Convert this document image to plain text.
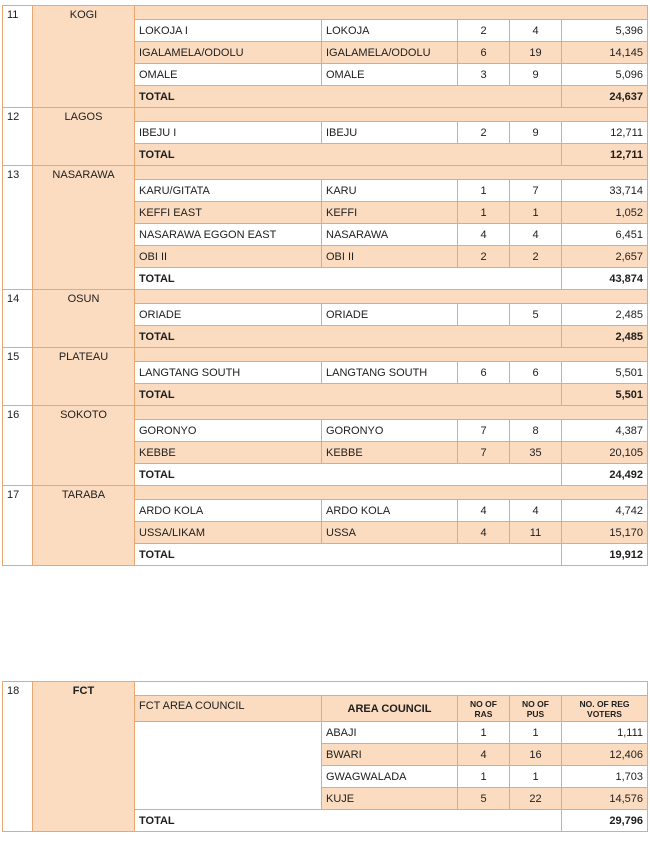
11	KOGI					
		LOKOJA I	LOKOJA	2	4	5,396
		IGALAMELA/ODOLU	IGALAMELA/ODOLU	6	19	14,145
		OMALE	OMALE	3	9	5,096
		TOTAL				24,637
12	LAGOS					
		IBEJU I	IBEJU	2	9	12,711
		TOTAL				12,711
13	NASARAWA					
		KARU/GITATA	KARU	1	7	33,714
		KEFFI EAST	KEFFI	1	1	1,052
		NASARAWA EGGON EAST	NASARAWA	4	4	6,451
		OBI II	OBI II	2	2	2,657
		TOTAL				43,874
14	OSUN					
		ORIADE	ORIADE		5	2,485
		TOTAL				2,485
15	PLATEAU					
		LANGTANG SOUTH	LANGTANG SOUTH	6	6	5,501
		TOTAL				5,501
16	SOKOTO					
		GORONYO	GORONYO	7	8	4,387
		KEBBE	KEBBE	7	35	20,105
		TOTAL				24,492
17	TARABA					
		ARDO KOLA	ARDO KOLA	4	4	4,742
		USSA/LIKAM	USSA	4	11	15,170
		TOTAL				19,912
18	FCT					
		FCT AREA COUNCIL	AREA COUNCIL	NO OF RAS	NO OF PUS	NO. OF REG VOTERS
			ABAJI	1	1	1,111
			BWARI	4	16	12,406
			GWAGWALADA	1	1	1,703
			KUJE	5	22	14,576
		TOTAL				29,796
